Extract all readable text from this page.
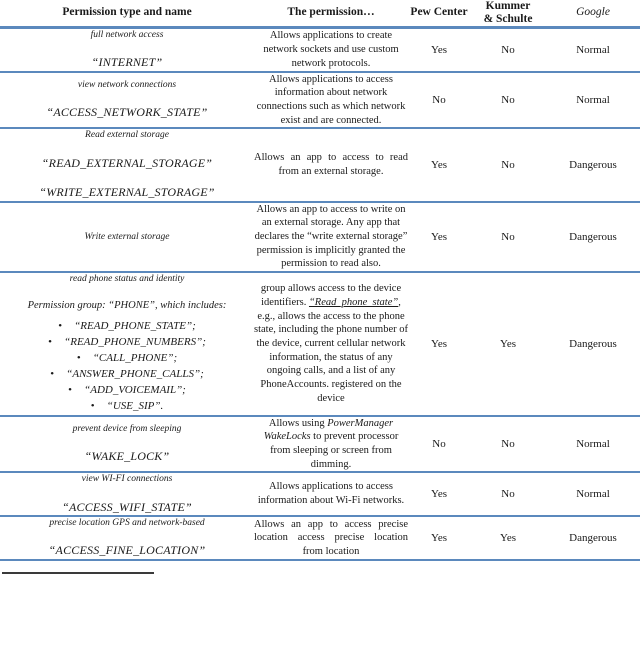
Permission type and name	The permission…	Pew Center	Kummer
& Schulte	Google

full network access
“INTERNET”	Allows applications to create network sockets and use custom network protocols.	Yes	No	Normal

view network connections
“ACCESS_NETWORK_STATE”	Allows applications to access information about network connections such as which network exist and are connected.	No	No	Normal

Read external storage
“READ_EXTERNAL_STORAGE”
“WRITE_EXTERNAL_STORAGE”	Allows an app to access to read from an external storage.	Yes	No	Dangerous

Write external storage	Allows an app to access to write on an external storage. Any app that declares the “write external storage” permission is implicitly granted the permission to read also.	Yes	No	Dangerous

read phone status and identity
Permission group: “PHONE”, which includes:
• “READ_PHONE_STATE”;
• “READ_PHONE_NUMBERS”;
• “CALL_PHONE”;
• “ANSWER_PHONE_CALLS”;
• “ADD_VOICEMAIL”;
• “USE_SIP”.
	group allows access to the device identifiers. “Read_phone_state”, e.g., allows the access to the phone state, including the phone number of the device, current cellular network information, the status of any ongoing calls, and a list of any PhoneAccounts. registered on the device	Yes	Yes	Dangerous

prevent device from sleeping
“WAKE_LOCK”	Allows using PowerManager WakeLocks to prevent processor from sleeping or screen from dimming.	No	No	Normal

view WI-FI connections
“ACCESS_WIFI_STATE”	Allows applications to access information about Wi-Fi networks.	Yes	No	Normal

precise location GPS and network-based
“ACCESS_FINE_LOCATION”	Allows an app to access precise location access precise location from location	Yes	Yes	Dangerous
